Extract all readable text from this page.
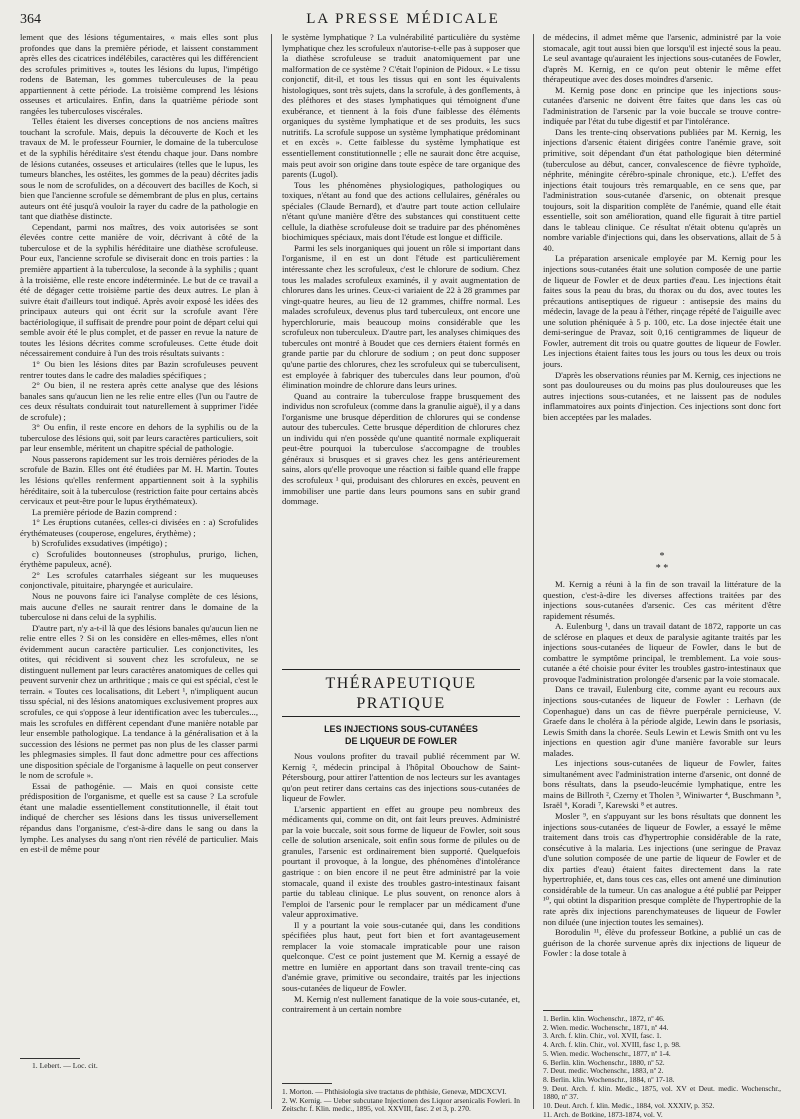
364	LA PRESSE MÉDICALE

lement que des lésions tégumentaires, « mais elles sont plus profondes que dans la première période, et laissent constamment après elles des cicatrices indélébiles, caractères qui les différencient des scrofules primitives », toutes les lésions du lupus, l'impétigo rodens de Bateman, les gommes tuberculeuses de la peau appartiennent à cette période. La troisième comprend les lésions osseuses et articulaires. Enfin, dans la quatrième période sont rangées les tuberculoses viscérales.

Telles étaient les diverses conceptions de nos anciens maîtres touchant la scrofule. Mais, depuis la découverte de Koch et les travaux de M. le professeur Fournier, le domaine de la tuberculose et de la syphilis héréditaire s'est étendu chaque jour. Dans nombre de lésions cutanées, osseuses et articulaires (telles que le lupus, les tumeurs blanches, les ostéites, les gommes de la peau) décrites jadis sous le nom de scrofulides, on a découvert des bacilles de Koch, si bien que l'ancienne scrofule se démembrant de plus en plus, certains auteurs ont été jusqu'à vouloir la rayer du cadre de la pathologie en tant que diathèse distincte.

Cependant, parmi nos maîtres, des voix autorisées se sont élevées contre cette manière de voir, décrivant à côté de la tuberculose et de la syphilis héréditaire une diathèse scrofuleuse. Pour eux, l'ancienne scrofule se diviserait donc en trois parties : la première appartient à la tuberculose, la seconde à la syphilis ; quant à la troisième, elle reste encore indéterminée. Le but de ce travail a été de dégager cette troisième partie des deux autres. Le plan à suivre était d'ailleurs tout indiqué. Après avoir exposé les idées des principaux auteurs qui ont écrit sur la scrofule avant l'ère bactériologique, il suffisait de prendre pour point de départ celui qui semble avoir été le plus complet, et de passer en revue la nature de toutes les lésions décrites comme scrofuleuses. Cette étude doit nécessairement conduire à l'un des trois résultats suivants :

1° Ou bien les lésions dites par Bazin scrofuleuses peuvent rentrer toutes dans le cadre des maladies spécifiques ;

2° Ou bien, il ne restera après cette analyse que des lésions banales sans qu'aucun lien ne les relie entre elles (l'un ou l'autre de ces deux résultats conduirait tout naturellement à supprimer l'idée de scrofule) ;

3° Ou enfin, il reste encore en dehors de la syphilis ou de la tuberculose des lésions qui, soit par leurs caractères particuliers, soit par leur ensemble, méritent un chapitre spécial de pathologie.

Nous passerons rapidement sur les trois dernières périodes de la scrofule de Bazin. Elles ont été étudiées par M. H. Martin. Toutes les lésions qu'elles renferment appartiennent soit à la syphilis héréditaire, soit à la tuberculose (restriction faite pour certains abcès cervicaux et peut-être pour le lupus érythémateux).

La première période de Bazin comprend :

1° Les éruptions cutanées, celles-ci divisées en : a) Scrofulides érythémateuses (couperose, engelures, érythème) ;

b) Scrofulides exsudatives (impétigo) ;

c) Scrofulides boutonneuses (strophulus, prurigo, lichen, érythème papuleux, acné).

2° Les scrofules catarrhales siégeant sur les muqueuses conjonctivale, pituitaire, pharyngée et auriculaire.

Nous ne pouvons faire ici l'analyse complète de ces lésions, mais aucune d'elles ne saurait rentrer dans le domaine de la tuberculose ni dans celui de la syphilis.

D'autre part, n'y a-t-il là que des lésions banales qu'aucun lien ne relie entre elles ? Si on les considère en elles-mêmes, elles n'ont évidemment aucun caractère particulier. Les conjonctivites, les otites, qui récidivent si souvent chez les scrofuleux, ne se distinguent nullement par leurs caractères anatomiques de celles qui peuvent survenir chez un arthritique ; mais ce qui est spécial, c'est le terrain. « Toutes ces localisations, dit Lebert ¹, n'impliquent aucun tissu spécial, ni des lésions anatomiques exclusivement propres aux scrofules, ce qui s'oppose à leur identification avec les tubercules..., mais les scrofules en diffèrent cependant d'une manière notable par leur ensemble pathologique. La tendance à la généralisation et à la succession des lésions ne permet pas non plus de les classer parmi les phlegmasies simples. Il faut donc admettre pour ces affections une disposition spéciale de l'organisme à laquelle on peut conserver le nom de scrofule ».

Essai de pathogénie. — Mais en quoi consiste cette prédisposition de l'organisme, et quelle est sa cause ? La scrofule étant une maladie essentiellement constitutionnelle, il était tout indiqué de chercher ses lésions dans les tissus universellement répandus dans l'organisme, c'est-à-dire dans le sang ou dans la lymphe. Les analyses du sang n'ont rien révélé de particulier. Mais en est-il de même pour

1. Lebert. — Loc. cit.

le système lymphatique ? La vulnérabilité particulière du système lymphatique chez les scrofuleux n'autorise-t-elle pas à supposer que la diathèse scrofuleuse se traduit anatomiquement par une malformation de ce système ? C'était l'opinion de Pidoux. « Le tissu conjonctif, dit-il, et tous les tissus qui en sont les équivalents histologiques, sont très sujets, dans la scrofule, à des gonflements, à des pléthores et des stases lymphatiques qui témoignent d'une exubérance, et tiennent à la fois d'une faiblesse des éléments organiques du système lymphatique et de ses produits, les sucs nutritifs. La scrofule suppose un système lymphatique prédominant et en excès ». Cette faiblesse du système lymphatique est essentiellement constitutionnelle ; elle ne saurait donc être acquise, mais peut avoir son origine dans toute espèce de tare organique des parents (Lugol).

Tous les phénomènes physiologiques, pathologiques ou toxiques, n'étant au fond que des actions cellulaires, générales ou spéciales (Claude Bernard), et d'autre part toute action cellulaire n'étant qu'une manière d'être des substances qui constituent cette cellule, la diathèse scrofuleuse doit se traduire par des phénomènes biochimiques spéciaux, mais dont l'étude est longue et difficile.

Parmi les sels inorganiques qui jouent un rôle si important dans l'organisme, il en est un dont l'étude est particulièrement intéressante chez les scrofuleux, c'est le chlorure de sodium. Chez tous les malades scrofuleux examinés, il y avait augmentation de chlorures dans les urines. Ceux-ci variaient de 22 à 28 grammes par vingt-quatre heures, au lieu de 12 grammes, chiffre normal. Les malades scrofuleux, devenus plus tard tuberculeux, ont encore une hyperchlorurie, mais beaucoup moins considérable que les scrofuleux non tuberculeux. D'autre part, les analyses chimiques des tubercules ont montré à Boudet que ces derniers étaient formés en grande partie par du chlorure de sodium ; on peut donc supposer qu'une partie des chlorures, chez les scrofuleux qui se tuberculisent, est employée à fabriquer des tubercules dans leur poumon, d'où élimination moindre de chlorure dans leurs urines.

Quand au contraire la tuberculose frappe brusquement des individus non scrofuleux (comme dans la granulie aiguë), il y a dans l'organisme une brusque déperdition de chlorures qui se condense autour des tubercules. Cette brusque déperdition de chlorures chez un individu qui n'en possède qu'une quantité normale expliquerait peut-être pourquoi la tuberculose s'accompagne de troubles généraux si brusques et si graves chez les gens antérieurement sains, alors qu'elle provoque une réaction si faible quand elle frappe des scrofuleux ¹ qui, produisant des chlorures en excès, peuvent en immobiliser une partie dans leurs poumons sans en subir grand dommage.

THÉRAPEUTIQUE PRATIQUE
LES INJECTIONS SOUS-CUTANÉES
DE LIQUEUR DE FOWLER

Nous voulons profiter du travail publié récemment par W. Kernig ², médecin principal à l'hôpital Obouchow de Saint-Pétersbourg, pour attirer l'attention de nos lecteurs sur les avantages qu'on peut retirer dans certains cas des injections sous-cutanées de liqueur de Fowler.

L'arsenic appartient en effet au groupe peu nombreux des médicaments qui, comme on dit, ont fait leurs preuves. Administré par la voie buccale, soit sous forme de liqueur de Fowler, soit sous celle de solution arsenicale, soit enfin sous forme de pilules ou de granules, l'arsenic est ordinairement bien supporté. Quelquefois pourtant il provoque, à la longue, des phénomènes d'intolérance gastrique : on bien encore il ne peut être administré par la voie stomacale, quand il existe des troubles gastro-intestinaux faisant partie du tableau clinique. Le plus souvent, on renonce alors à l'emploi de l'arsenic pour le remplacer par un médicament d'une valeur approximative.

Il y a pourtant la voie sous-cutanée qui, dans les conditions spécifiées plus haut, peut fort bien et fort avantageusement remplacer la voie stomacale impraticable pour une raison quelconque. C'est ce point justement que M. Kernig a essayé de mettre en lumière en apportant dans son travail trente-cinq cas d'anémie grave, primitive ou secondaire, traités par les injections sous-cutanées de liqueur de Fowler.

M. Kernig n'est nullement fanatique de la voie sous-cutanée, et, contrairement à un certain nombre

1. Morton. — Phthisiologia sive tractatus de phthisie, Genevæ, MDCXCVI.
2. W. Kernig. — Ueber subcutane Injectionen des Liquor arsenicalis Fowleri. In Zeitschr. f. Klin. medic., 1895, vol. XXVIII, fasc. 2 et 3, p. 270.

de médecins, il admet même que l'arsenic, administré par la voie stomacale, agit tout aussi bien que lorsqu'il est injecté sous la peau. Le seul avantage qu'auraient les injections sous-cutanées de Fowler, d'après M. Kernig, en ce qu'on peut obtenir le même effet thérapeutique avec des doses moindres d'arsenic.

M. Kernig pose donc en principe que les injections sous-cutanées d'arsenic ne doivent être faites que dans les cas où l'administration de l'arsenic par la voie buccale se trouve contre-indiquée par l'état du tube digestif et par l'intolérance.

Dans les trente-cinq observations publiées par M. Kernig, les injections d'arsenic étaient dirigées contre l'anémie grave, soit primitive, soit dépendant d'un état pathologique bien déterminé (tuberculose au début, cancer, convalescence de fièvre typhoïde, néphrite, méningite cérébro-spinale chronique, etc.). L'effet des injections était toujours très remarquable, en ce sens que, par l'administration sous-cutanée d'arsenic, on obtenait presque toujours, soit la disparition complète de l'anémie, quand elle était essentielle, soit son amélioration, quand elle figurait à titre partiel dans le tableau clinique. Ce résultat n'était obtenu qu'après un nombre variable d'injections qui, dans les observations, allait de 5 à 40.

La préparation arsenicale employée par M. Kernig pour les injections sous-cutanées était une solution composée de une partie de liqueur de Fowler et de deux parties d'eau. Les injections était faites sous la peau du bras, du thorax ou du dos, avec toutes les précautions antiseptiques de rigueur : antisepsie des mains du médecin, lavage de la peau à l'éther, rinçage répété de l'aiguille avec une solution phéniquée à 5 p. 100, etc. La dose injectée était une demi-seringue de Pravaz, soit 0,16 centigrammes de liqueur de Fowler, autrement dit trois ou quatre gouttes de liqueur de Fowler. Les injections étaient faites tous les jours ou tous les deux ou trois jours.

D'après les observations réunies par M. Kernig, ces injections ne sont pas douloureuses ou du moins pas plus douloureuses que les autres injections sous-cutanées, et ne laissent pas de nodules inflammatoires aux points d'injection. Ces injections sont donc fort bien acceptées par les malades.

*
* *

M. Kernig a réuni à la fin de son travail la littérature de la question, c'est-à-dire les diverses affections traitées par des injections sous-cutanées d'arsenic. Ces cas méritent d'être rapidement résumés.

A. Eulenburg ¹, dans un travail datant de 1872, rapporte un cas de sclérose en plaques et deux de paralysie agitante traités par les injections sous-cutanées de liqueur de Fowler, dans le but de combattre le symptôme principal, le tremblement. La voie sous-cutanée a été choisie pour éviter les troubles gastro-intestinaux que provoque l'administration prolongée d'arsenic par la voie stomacale.

Dans ce travail, Eulenburg cite, comme ayant eu recours aux injections sous-cutanées de liqueur de Fowler : Lerhavn (de Copenhague) dans un cas de fièvre puerpérale pernicieuse, V. Graefe dans le choléra à la période algide, Lewin dans le psoriasis, Lewis Smith dans la chorée. Seuls Lewin et Lewis Smith ont vu les injections en question agir d'une manière favorable sur leurs malades.

Les injections sous-cutanées de liqueur de Fowler, faites simultanément avec l'administration interne d'arsenic, ont donné de bons résultats, dans la pseudo-leucémie lymphatique, entre les mains de Billroth ², Czerny et Tholen ³, Winiwarter ⁴, Buschmann ⁵, Israël ⁶, Koradi ⁷, Karewski ⁸ et autres.

Mosler ⁹, en s'appuyant sur les bons résultats que donnent les injections sous-cutanées de liqueur de Fowler, a essayé le même traitement dans trois cas d'hypertrophie considérable de la rate, consécutive à la malaria. Les injections (une seringue de Pravaz d'une solution composée de une partie de liqueur de Fowler et de dix parties d'eau) étaient faites directement dans la rate hypertrophiée, et, dans tous ces cas, elles ont amené une diminution considérable de la tumeur. Un cas analogue a été publié par Peipper ¹⁰, qui obtint la disparition presque complète de l'hypertrophie de la rate après dix injections parenchymateuses de liqueur de Fowler non diluée (une injection toutes les semaines).

Borodulin ¹¹, élève du professeur Botkine, a publié un cas de guérison de la chorée survenue après dix injections de liqueur de Fowler : la dose totale à

1. Berlin. klin. Wochenschr., 1872, nº 46.
2. Wien. medic. Wochenschr., 1871, nº 44.
3. Arch. f. klin. Chir., vol. XVII, fasc. 1.
4. Arch. f. klin. Chir., vol. XVIII, fasc 1, p. 98.
5. Wien. medic. Wochenschr., 1877, nº 1-4.
6. Berlin. klin. Wochenschr., 1880, nº 52.
7. Deut. medic. Wochenschr., 1883, nº 2.
8. Berlin. klin. Wochenschr., 1884, nº 17-18.
9. Deut. Arch. f. klin. Medic., 1875, vol. XV et Deut. medic. Wochenschr., 1880, nº 37.
10. Deut. Arch. f. klin. Medic., 1884, vol. XXXIV, p. 352.
11. Arch. de Botkine, 1873-1874, vol. V.
